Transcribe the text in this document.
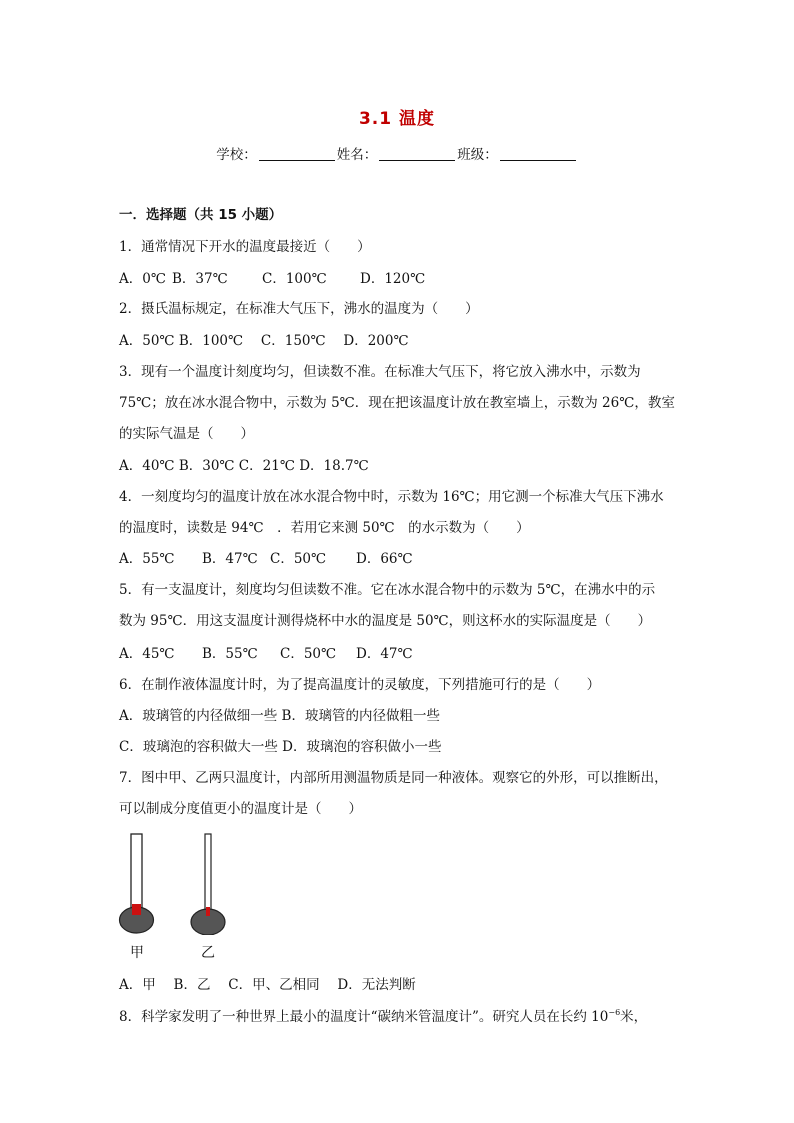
3.1 温度
学校：	姓名：	班级：
一．选择题（共 15 小题）
1．通常情况下开水的温度最接近（　　）
A．0℃ B．37℃	C．100℃ D．120℃
2．摄氏温标规定，在标准大气压下，沸水的温度为（　　）
A．50℃ B．100℃　 C．150℃　 D．200℃
3．现有一个温度计刻度均匀，但读数不准。在标准大气压下，将它放入沸水中，示数为
75℃；放在冰水混合物中，示数为 5℃．现在把该温度计放在教室墙上，示数为 26℃，教室
的实际气温是（　　）
A．40℃ B．30℃ C．21℃ D．18.7℃
4．一刻度均匀的温度计放在冰水混合物中时，示数为 16℃；用它测一个标准大气压下沸水
的温度时，读数是 94℃　．若用它来测 50℃　的水示数为（　　）
A．55℃ B．47℃ C．50℃ D．66℃
5．有一支温度计，刻度均匀但读数不准。它在冰水混合物中的示数为 5℃，在沸水中的示
数为 95℃．用这支温度计测得烧杯中水的温度是 50℃，则这杯水的实际温度是（　　）
A．45℃ B．55℃ C．50℃ D．47℃
6．在制作液体温度计时，为了提高温度计的灵敏度，下列措施可行的是（　　）
A．玻璃管的内径做细一些 B．玻璃管的内径做粗一些
C．玻璃泡的容积做大一些 D．玻璃泡的容积做小一些
7．图中甲、乙两只温度计，内部所用测温物质是同一种液体。观察它的外形，可以推断出，
可以制成分度值更小的温度计是（　　）
甲	乙
A．甲　 B．乙　 C．甲、乙相同　 D．无法判断
8．科学家发明了一种世界上最小的温度计“碳纳米管温度计”。研究人员在长约 $10^{-6}$米，
